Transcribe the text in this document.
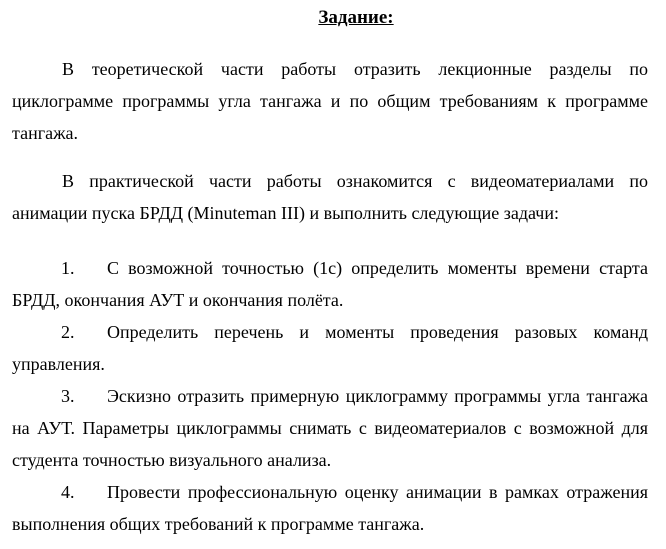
Задание:

В теоретической части работы отразить лекционные разделы по циклограмме программы угла тангажа и по общим требованиям к программе тангажа.

В практической части работы ознакомится с видеоматериалами по анимации пуска БРДД (Minuteman III) и выполнить следующие задачи:

1. С возможной точностью (1с) определить моменты времени старта БРДД, окончания АУТ и окончания полёта.
2. Определить перечень и моменты проведения разовых команд управления.
3. Эскизно отразить примерную циклограмму программы угла тангажа на АУТ. Параметры циклограммы снимать с видеоматериалов с возможной для студента точностью визуального анализа.
4. Провести профессиональную оценку анимации в рамках отражения выполнения общих требований к программе тангажа.
